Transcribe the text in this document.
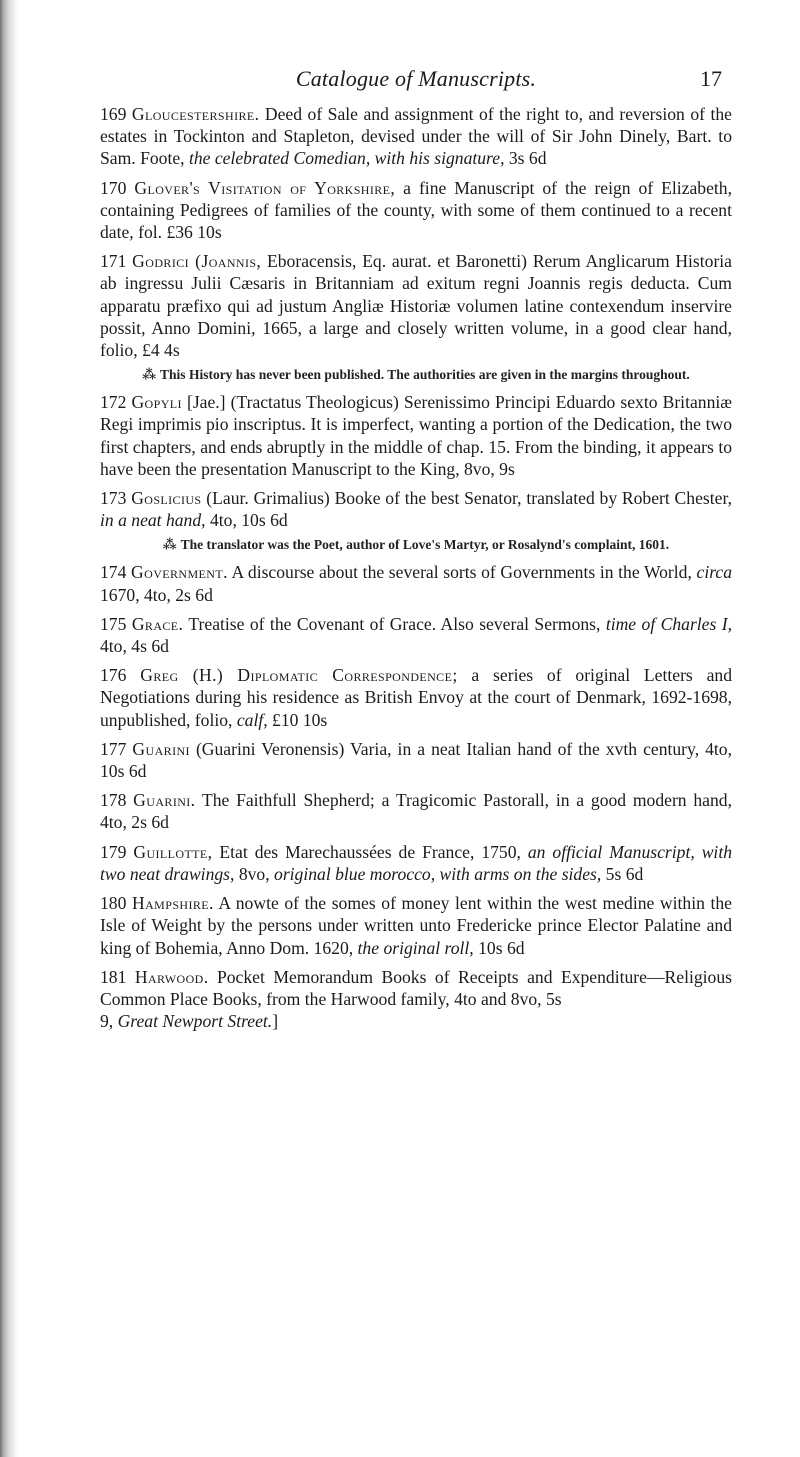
Catalogue of Manuscripts.	17

169 Gloucestershire. Deed of Sale and assignment of the right to, and reversion of the estates in Tockinton and Stapleton, devised under the will of Sir John Dinely, Bart. to Sam. Foote, the celebrated Comedian, with his signature, 3s 6d

170 Glover's Visitation of Yorkshire, a fine Manuscript of the reign of Elizabeth, containing Pedigrees of families of the county, with some of them continued to a recent date, fol. £36 10s

171 Godrici (Joannis, Eboracensis, Eq. aurat. et Baronetti) Rerum Anglicarum Historia ab ingressu Julii Cæsaris in Britanniam ad exitum regni Joannis regis deducta. Cum apparatu præfixo qui ad justum Angliæ Historiæ volumen latine contexendum inservire possit, Anno Domini, 1665, a large and closely written volume, in a good clear hand, folio, £4 4s

⁂ This History has never been published. The authorities are given in the margins throughout.

172 Gopyli [Jae.] (Tractatus Theologicus) Serenissimo Principi Eduardo sexto Britanniæ Regi imprimis pio inscriptus. It is imperfect, wanting a portion of the Dedication, the two first chapters, and ends abruptly in the middle of chap. 15. From the binding, it appears to have been the presentation Manuscript to the King, 8vo, 9s

173 Goslicius (Laur. Grimalius) Booke of the best Senator, translated by Robert Chester, in a neat hand, 4to, 10s 6d

⁂ The translator was the Poet, author of Love's Martyr, or Rosalynd's complaint, 1601.

174 Government. A discourse about the several sorts of Governments in the World, circa 1670, 4to, 2s 6d

175 Grace. Treatise of the Covenant of Grace. Also several Sermons, time of Charles I, 4to, 4s 6d

176 Greg (H.) Diplomatic Correspondence; a series of original Letters and Negotiations during his residence as British Envoy at the court of Denmark, 1692-1698, unpublished, folio, calf, £10 10s

177 Guarini (Guarini Veronensis) Varia, in a neat Italian hand of the xvth century, 4to, 10s 6d

178 Guarini. The Faithfull Shepherd; a Tragicomic Pastorall, in a good modern hand, 4to, 2s 6d

179 Guillotte, Etat des Marechaussées de France, 1750, an official Manuscript, with two neat drawings, 8vo, original blue morocco, with arms on the sides, 5s 6d

180 Hampshire. A nowte of the somes of money lent within the west medine within the Isle of Weight by the persons under written unto Fredericke prince Elector Palatine and king of Bohemia, Anno Dom. 1620, the original roll, 10s 6d

181 Harwood. Pocket Memorandum Books of Receipts and Expenditure—Religious Common Place Books, from the Harwood family, 4to and 8vo, 5s
9, Great Newport Street.]
